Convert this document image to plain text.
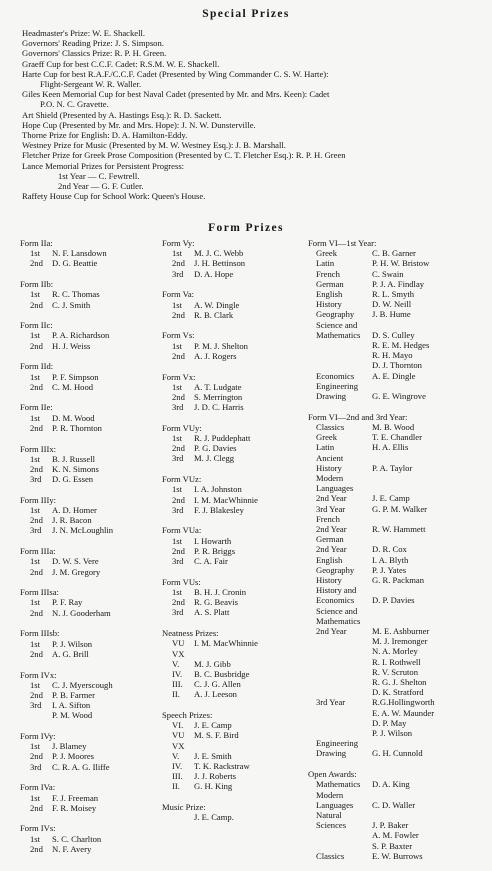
Special Prizes
Headmaster's Prize: W. E. Shackell.
Governors' Reading Prize: J. S. Simpson.
Governors' Classics Prize: R. P. H. Green.
Graeff Cup for best C.C.F. Cadet: R.S.M. W. E. Shackell.
Harte Cup for best R.A.F./C.C.F. Cadet (Presented by Wing Commander C. S. W. Harte):
Flight-Sergeant W. R. Waller.
Giles Keen Memorial Cup for best Naval Cadet (presented by Mr. and Mrs. Keen): Cadet
P.O. N. C. Gravette.
Art Shield (Presented by A. Hastings Esq.): R. D. Sackett.
Hope Cup (Presented by Mr. and Mrs. Hope): J. N. W. Dunsterville.
Thorne Prize for English: D. A. Hamilton-Eddy.
Westney Prize for Music (Presented by M. W. Westney Esq.): J. B. Marshall.
Fletcher Prize for Greek Prose Composition (Presented by C. T. Fletcher Esq.): R. P. H. Green
Lance Memorial Prizes for Persistent Progress:
1st Year — C. Fewtrell.
2nd Year — G. F. Cutler.
Raffety House Cup for School Work: Queen's House.
Form Prizes
Form IIa:
1st N. F. Lansdown
2nd D. G. Beattie
Form IIb:
1st R. C. Thomas
2nd C. J. Smith
Form IIc:
1st P. A. Richardson
2nd H. J. Weiss
Form IId:
1st P. F. Simpson
2nd C. M. Hood
Form IIe:
1st D. M. Wood
2nd P. R. Thornton
Form IIIx:
1st B. J. Russell
2nd K. N. Simons
3rd D. G. Essen
Form IIIy:
1st A. D. Homer
2nd J. R. Bacon
3rd J. N. McLoughlin
Form IIIa:
1st D. W. S. Vere
2nd J. M. Gregory
Form IIIsa:
1st P. F. Ray
2nd N. J. Gooderham
Form IIIsb:
1st P. J. Wilson
2nd A. G. Brill
Form IVx:
1st C. J. Myerscough
2nd P. B. Farmer
3rd I. A. Sifton
P. M. Wood
Form IVy:
1st J. Blamey
2nd P. J. Moores
3rd C. R. A. G. Iliffe
Form IVa:
1st F. J. Freeman
2nd F. R. Moisey
Form IVs:
1st S. C. Charlton
2nd N. F. Avery
Form Vy:
1st M. J. C. Webb
2nd J. H. Bettinson
3rd D. A. Hope
Form Va:
1st A. W. Dingle
2nd R. B. Clark
Form Vs:
1st P. M. J. Shelton
2nd A. J. Rogers
Form Vx:
1st A. T. Ludgate
2nd S. Merrington
3rd J. D. C. Harris
Form VUy:
1st R. J. Puddephatt
2nd P. G. Davies
3rd M. J. Clegg
Form VUz:
1st I. A. Johnston
2nd I. M. MacWhinnie
3rd F. J. Blakesley
Form VUa:
1st I. Howarth
2nd P. R. Briggs
3rd C. A. Fair
Form VUs:
1st B. H. J. Cronin
2nd R. G. Beavis
3rd A. S. Platt
Neatness Prizes:
VU I. M. MacWhinnie
VX
V. M. J. Gibb
IV. B. C. Busbridge
III. C. J. G. Allen
II. A. J. Leeson
Speech Prizes:
VI. J. E. Camp
VU M. S. F. Bird
VX
V. J. E. Smith
IV. T. K. Rackstraw
III. J. J. Roberts
II. G. H. King
Music Prize:
J. E. Camp.
Form VI—1st Year:
Greek	C. B. Garner
Latin	P. H. W. Bristow
French	C. Swain
German	P. J. A. Findlay
English	R. L. Smyth
History	D. W. Neill
Geography J. B. Hume
Science and
Mathematics D. S. Culley
R. E. M. Hedges
R. H. Mayo
D. J. Thornton
Economics A. E. Dingle
Engineering
Drawing	G. E. Wingrove
Form VI—2nd and 3rd Year:
Classics	M. B. Wood
Greek	T. E. Chandler
Latin	H. A. Ellis
Ancient
History	P. A. Taylor
Modern
Languages
2nd Year	J. E. Camp
3rd Year	G. P. M. Walker
French
2nd Year	R. W. Hammett
German
2nd Year	D. R. Cox
English	I. A. Blyth
Geography P. J. Yates
History	G. R. Packman
History and
Economics D. P. Davies
Science and
Mathematics
2nd Year	M. E. Ashburner
M. J. Iremonger
N. A. Morley
R. I. Rothwell
R. V. Scruton
R. G. J. Shelton
D. K. Stratford
3rd Year	R.G.Hollingworth
E. A. W. Maunder
D. P. May
P. J. Wilson
Engineering
Drawing	G. H. Cunnold
Open Awards:
Mathematics D. A. King
Modern
Languages C. D. Waller
Natural
Sciences	J. P. Baker
A. M. Fowler
S. P. Baxter
Classics	E. W. Burrows
